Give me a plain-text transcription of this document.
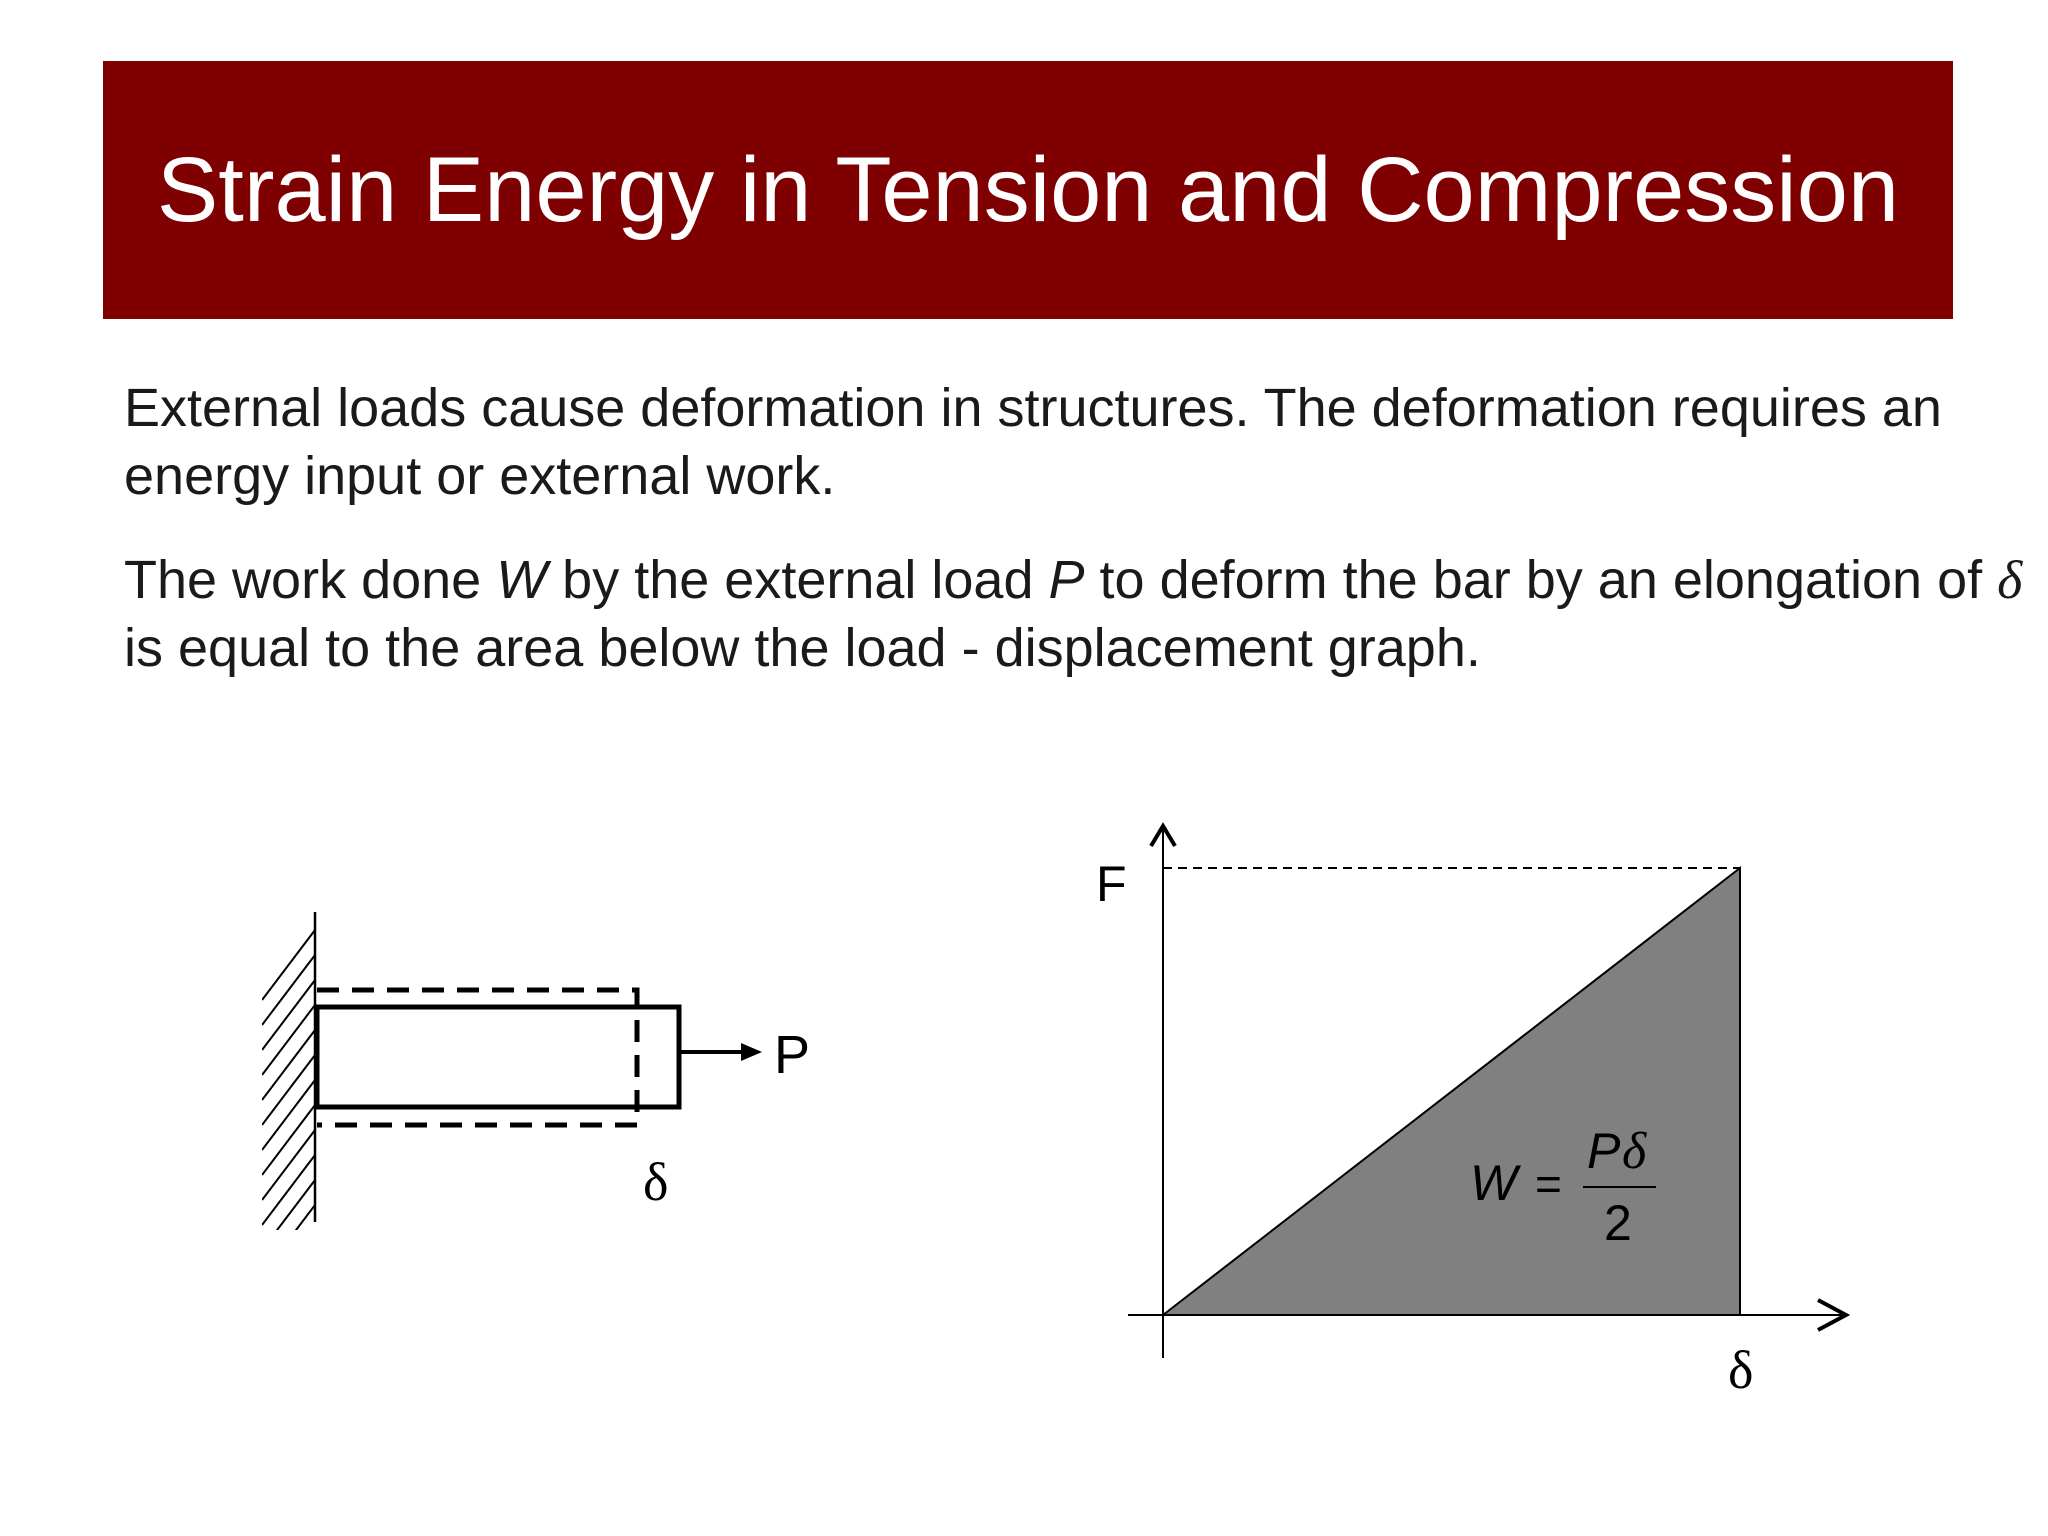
Strain Energy in Tension and Compression

External loads cause deformation in structures. The deformation requires an energy input or external work.

The work done W by the external load P to deform the bar by an elongation of δ is equal to the area below the load - displacement graph.

P
δ
F
δ
W =
P δ
2
